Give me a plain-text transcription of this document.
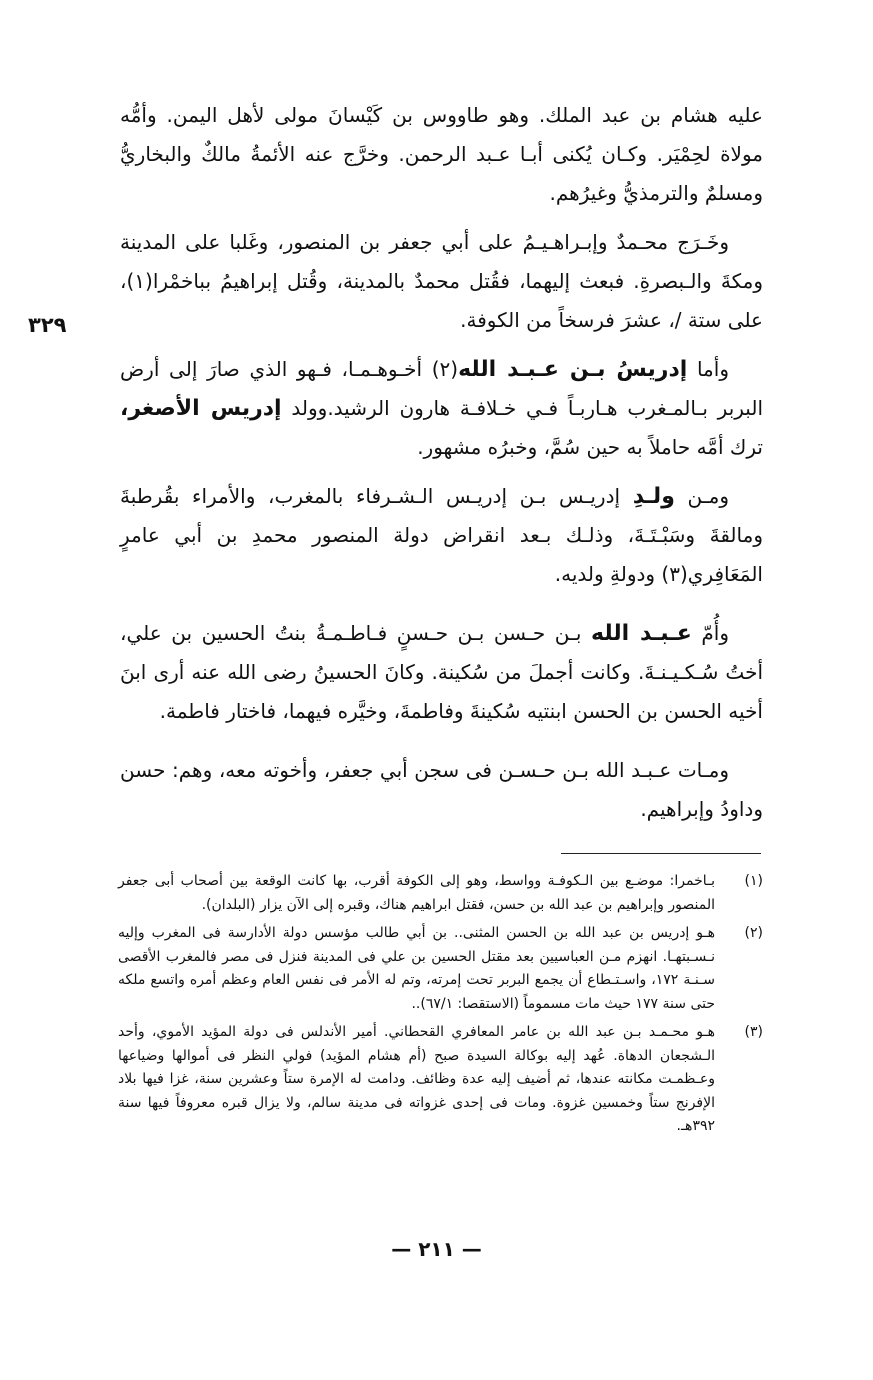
٣٢٩

عليه هشام بن عبد الملك. وهو طاووس بن كَيْسانَ مولى لأهل اليمن. وأمُّه مولاة لحِمْيَر. وكـان يُكنى أبـا عـبد الرحمن. وخرَّج عنه الأئمةُ مالكٌ والبخاريُّ ومسلمٌ والترمذيُّ وغيرُهم.

وخَـرَج محـمدٌ وإبـراهـيـمُ على أبي جعفر بن المنصور، وغَلبا على المدينة ومكةَ والـبصرةِ. فبعث إليهما، فقُتل محمدٌ بالمدينة، وقُتل إبراهيمُ بباخمْرا(١)، على ستة /، عشرَ فرسخاً من الكوفة.

وأما إدريسُ بـن عـبـد الله(٢) أخـوهـمـا، فـهو الذي صارَ إلى أرض البربر بـالمـغرب هـاربـاً فـي خـلافـة هارون الرشيد.وولد إدريس الأصغر، ترك أمَّه حاملاً به حين سُمَّ، وخبرُه مشهور.

ومـن ولـدِ إدريـس بـن إدريـس الـشـرفاء بالمغرب، والأمراء بقُرطبةَ ومالقةَ وسَبْـتَـةَ، وذلـك بـعد انقراض دولة المنصور محمدِ بن أبي عامرٍ المَعَافِري(٣) ودولةِ ولديه.

وأُمّ عـبـد الله بـن حـسن بـن حـسنٍ فـاطـمـةُ بنتُ الحسين بن علي، أختُ سُـكـيـنـةَ. وكانت أجملَ من سُكينة. وكانَ الحسينُ رضى الله عنه أرى ابنَ أخيه الحسن بن الحسن ابنتيه سُكينةَ وفاطمةَ، وخيَّره فيهما، فاختار فاطمة.

ومـات عـبـد الله بـن حـسـن فى سجن أبي جعفر، وأخوته معه، وهم: حسن وداودُ وإبراهيم.

(١)
بـاخمرا: موضـع بين الـكوفـة وواسط، وهو إلى الكوفة أقرب، بها كانت الوقعة بين أصحاب أبى جعفر المنصور وإبراهيم بن عبد الله بن حسن، فقتل ابراهيم هناك، وقبره إلى الآن يزار (البلدان).
(٢)
هـو إدريس بن عبد الله بن الحسن المثنى.. بن أبي طالب مؤسس دولة الأدارسة فى المغرب وإليه نـسـبتهـا. انهزم مـن العباسيين بعد مقتل الحسين بن علي فى المدينة فنزل فى مصر فالمغرب الأقصى سـنـة ١٧٢، واسـتـطاع أن يجمع البربر تحت إمرته، وتم له الأمر فى نفس العام وعظم أمره واتسع ملكه حتى سنة ١٧٧ حيث مات مسموماً (الاستقصا: ٦٧/١)..
(٣)
هـو محـمـد بـن عبد الله بن عامر المعافري القحطاني. أمير الأندلس فى دولة المؤيد الأموي، وأحد الـشجعان الدهاة. عُهد إليه بوكالة السيدة صبح (أم هشام المؤيد) فولي النظر فى أموالها وضياعها وعـظمـت مكانته عندها، ثم أضيف إليه عدة وظائف. ودامت له الإمرة ستاً وعشرين سنة، غزا فيها بلاد الإفرنج ستاً وخمسين غزوة. ومات فى إحدى غزواته فى مدينة سالم، ولا يزال قبره معروفاً فيها سنة ٣٩٢هـ.
— ٢١١ —
